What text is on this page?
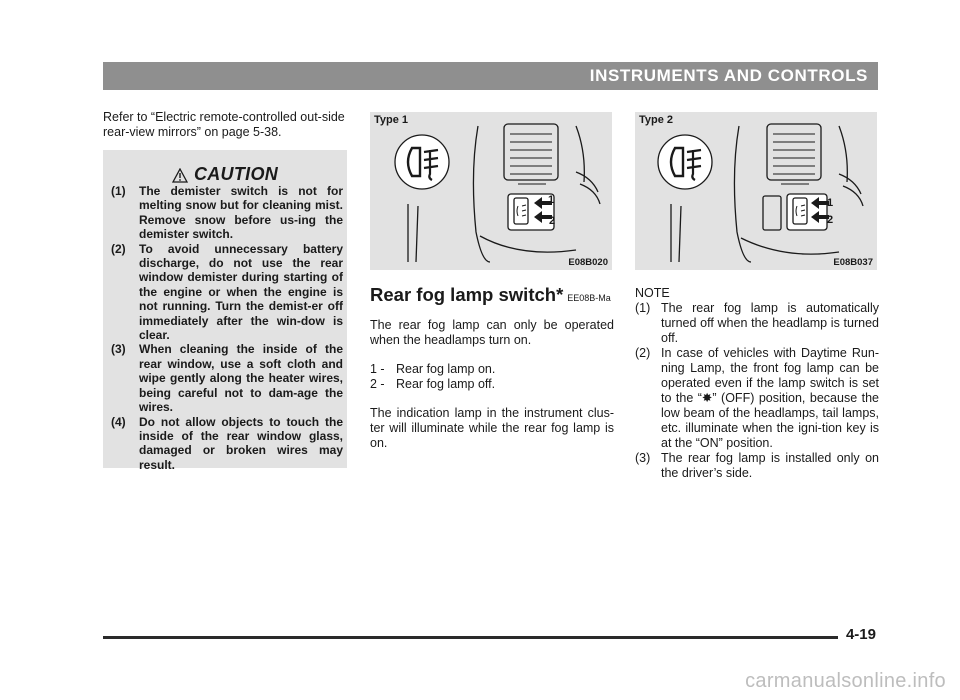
INSTRUMENTS AND CONTROLS
Refer to “Electric remote-controlled out-side rear-view mirrors” on page 5-38.
CAUTION
(1)	The demister switch is not for melting snow but for cleaning mist. Remove snow before us-ing the demister switch.
(2)	To avoid unnecessary battery discharge, do not use the rear window demister during starting of the engine or when the engine is not running. Turn the demist-er off immediately after the win-dow is clear.
(3)	When cleaning the inside of the rear window, use a soft cloth and wipe gently along the heater wires, being careful not to dam-age the wires.
(4)	Do not allow objects to touch the inside of the rear window glass, damaged or broken wires may result.
1
2
Type 1
E08B020
1
2
Type 2
E08B037
Rear fog lamp switch* EE08B-Ma

The rear fog lamp can only be operated when the headlamps turn on.

1 - Rear fog lamp on.
2 - Rear fog lamp off.

The indication lamp in the instrument clus-ter will illuminate while the rear fog lamp is on.

NOTE
(1) The rear fog lamp is automatically turned off when the headlamp is turned off.
(2) In case of vehicles with Daytime Run-ning Lamp, the front fog lamp can be operated even if the lamp switch is set to the “✸” (OFF) position, because the low beam of the headlamps, tail lamps, etc. illuminate when the igni-tion key is at the “ON” position.
(3) The rear fog lamp is installed only on the driver’s side.
4-19
carmanualsonline.info
